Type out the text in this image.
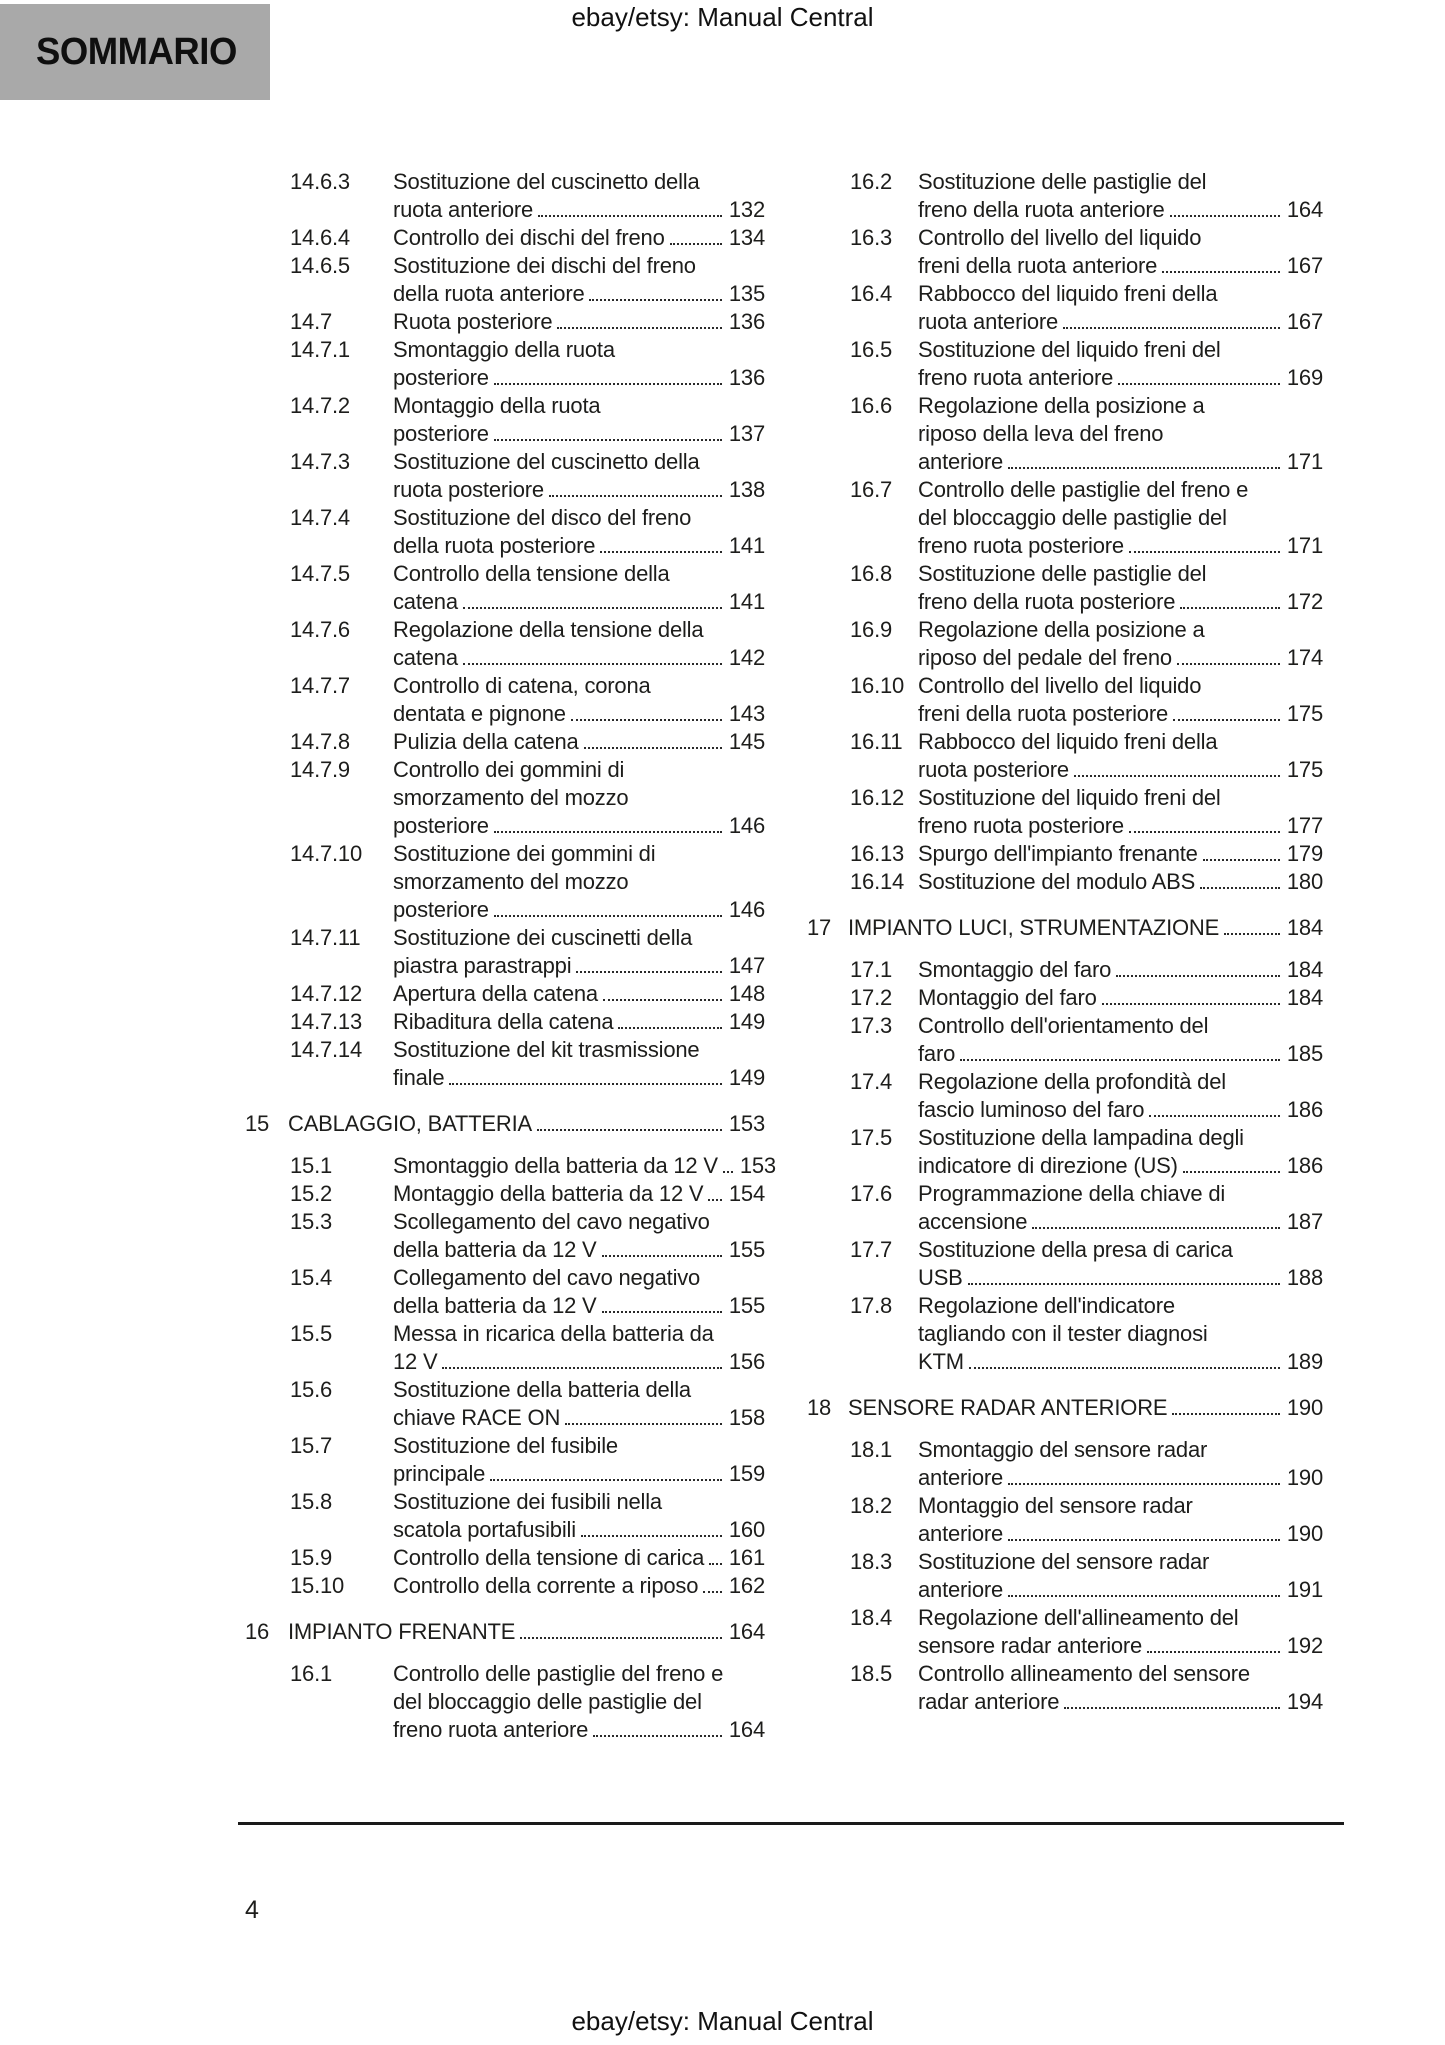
ebay/etsy: Manual Central
SOMMARIO
14.6.3	Sostituzione del cuscinetto della
ruota anteriore	132
14.6.4	Controllo dei dischi del freno	134
14.6.5	Sostituzione dei dischi del freno
della ruota anteriore	135
14.7	Ruota posteriore	136
14.7.1	Smontaggio della ruota
posteriore	136
14.7.2	Montaggio della ruota
posteriore	137
14.7.3	Sostituzione del cuscinetto della
ruota posteriore	138
14.7.4	Sostituzione del disco del freno
della ruota posteriore	141
14.7.5	Controllo della tensione della
catena	141
14.7.6	Regolazione della tensione della
catena	142
14.7.7	Controllo di catena, corona
dentata e pignone	143
14.7.8	Pulizia della catena	145
14.7.9	Controllo dei gommini di
smorzamento del mozzo
posteriore	146
14.7.10	Sostituzione dei gommini di
smorzamento del mozzo
posteriore	146
14.7.11	Sostituzione dei cuscinetti della
piastra parastrappi	147
14.7.12	Apertura della catena	148
14.7.13	Ribaditura della catena	149
14.7.14	Sostituzione del kit trasmissione
finale	149
15 CABLAGGIO, BATTERIA	153
15.1	Smontaggio della batteria da 12 V 153
15.2	Montaggio della batteria da 12 V 154
15.3	Scollegamento del cavo negativo
della batteria da 12 V	155
15.4	Collegamento del cavo negativo
della batteria da 12 V	155
15.5	Messa in ricarica della batteria da
12 V	156
15.6	Sostituzione della batteria della
chiave RACE ON	158
15.7	Sostituzione del fusibile
principale	159
15.8	Sostituzione dei fusibili nella
scatola portafusibili	160
15.9	Controllo della tensione di carica 161
15.10	Controllo della corrente a riposo 162
16 IMPIANTO FRENANTE	164
16.1	Controllo delle pastiglie del freno e
del bloccaggio delle pastiglie del
freno ruota anteriore	164
16.2	Sostituzione delle pastiglie del
freno della ruota anteriore	164
16.3	Controllo del livello del liquido
freni della ruota anteriore	167
16.4	Rabbocco del liquido freni della
ruota anteriore	167
16.5	Sostituzione del liquido freni del
freno ruota anteriore	169
16.6	Regolazione della posizione a
riposo della leva del freno
anteriore	171
16.7	Controllo delle pastiglie del freno e
del bloccaggio delle pastiglie del
freno ruota posteriore	171
16.8	Sostituzione delle pastiglie del
freno della ruota posteriore	172
16.9	Regolazione della posizione a
riposo del pedale del freno	174
16.10 Controllo del livello del liquido
freni della ruota posteriore	175
16.11 Rabbocco del liquido freni della
ruota posteriore	175
16.12 Sostituzione del liquido freni del
freno ruota posteriore	177
16.13 Spurgo dell'impianto frenante	179
16.14 Sostituzione del modulo ABS	180
17 IMPIANTO LUCI, STRUMENTAZIONE	184
17.1	Smontaggio del faro	184
17.2	Montaggio del faro	184
17.3	Controllo dell'orientamento del
faro	185
17.4	Regolazione della profondità del
fascio luminoso del faro	186
17.5	Sostituzione della lampadina degli
indicatore di direzione (US)	186
17.6	Programmazione della chiave di
accensione	187
17.7	Sostituzione della presa di carica
USB	188
17.8	Regolazione dell'indicatore
tagliando con il tester diagnosi
KTM	189
18 SENSORE RADAR ANTERIORE	190
18.1	Smontaggio del sensore radar
anteriore	190
18.2	Montaggio del sensore radar
anteriore	190
18.3	Sostituzione del sensore radar
anteriore	191
18.4	Regolazione dell'allineamento del
sensore radar anteriore	192
18.5	Controllo allineamento del sensore
radar anteriore	194
4
ebay/etsy: Manual Central
